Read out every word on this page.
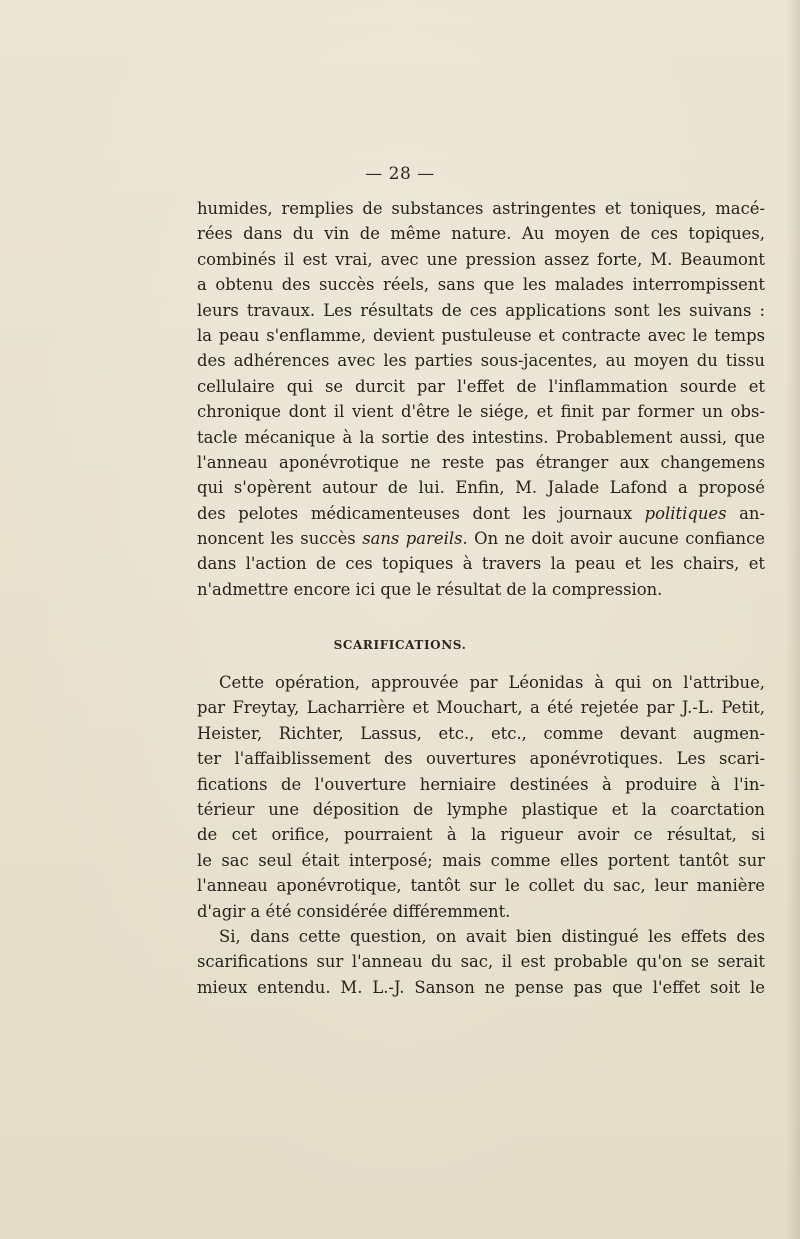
— 28 —
humides, remplies de substances astringentes et toniques, macé-
rées dans du vin de même nature. Au moyen de ces topiques,
combinés il est vrai, avec une pression assez forte, M. Beaumont
a obtenu des succès réels, sans que les malades interrompissent
leurs travaux. Les résultats de ces applications sont les suivans :
la peau s'enflamme, devient pustuleuse et contracte avec le temps
des adhérences avec les parties sous-jacentes, au moyen du tissu
cellulaire qui se durcit par l'effet de l'inflammation sourde et
chronique dont il vient d'être le siége, et finit par former un obs-
tacle mécanique à la sortie des intestins. Probablement aussi, que
l'anneau aponévrotique ne reste pas étranger aux changemens
qui s'opèrent autour de lui. Enfin, M. Jalade Lafond a proposé
des pelotes médicamenteuses dont les journaux politiques an-
noncent les succès sans pareils. On ne doit avoir aucune confiance
dans l'action de ces topiques à travers la peau et les chairs, et
n'admettre encore ici que le résultat de la compression.
SCARIFICATIONS.
Cette opération, approuvée par Léonidas à qui on l'attribue,
par Freytay, Lacharrière et Mouchart, a été rejetée par J.-L. Petit,
Heister, Richter, Lassus, etc., etc., comme devant augmen-
ter l'affaiblissement des ouvertures aponévrotiques. Les scari-
fications de l'ouverture herniaire destinées à produire à l'in-
térieur une déposition de lymphe plastique et la coarctation
de cet orifice, pourraient à la rigueur avoir ce résultat, si
le sac seul était interposé; mais comme elles portent tantôt sur
l'anneau aponévrotique, tantôt sur le collet du sac, leur manière
d'agir a été considérée différemment.
Si, dans cette question, on avait bien distingué les effets des
scarifications sur l'anneau du sac, il est probable qu'on se serait
mieux entendu. M. L.-J. Sanson ne pense pas que l'effet soit le
